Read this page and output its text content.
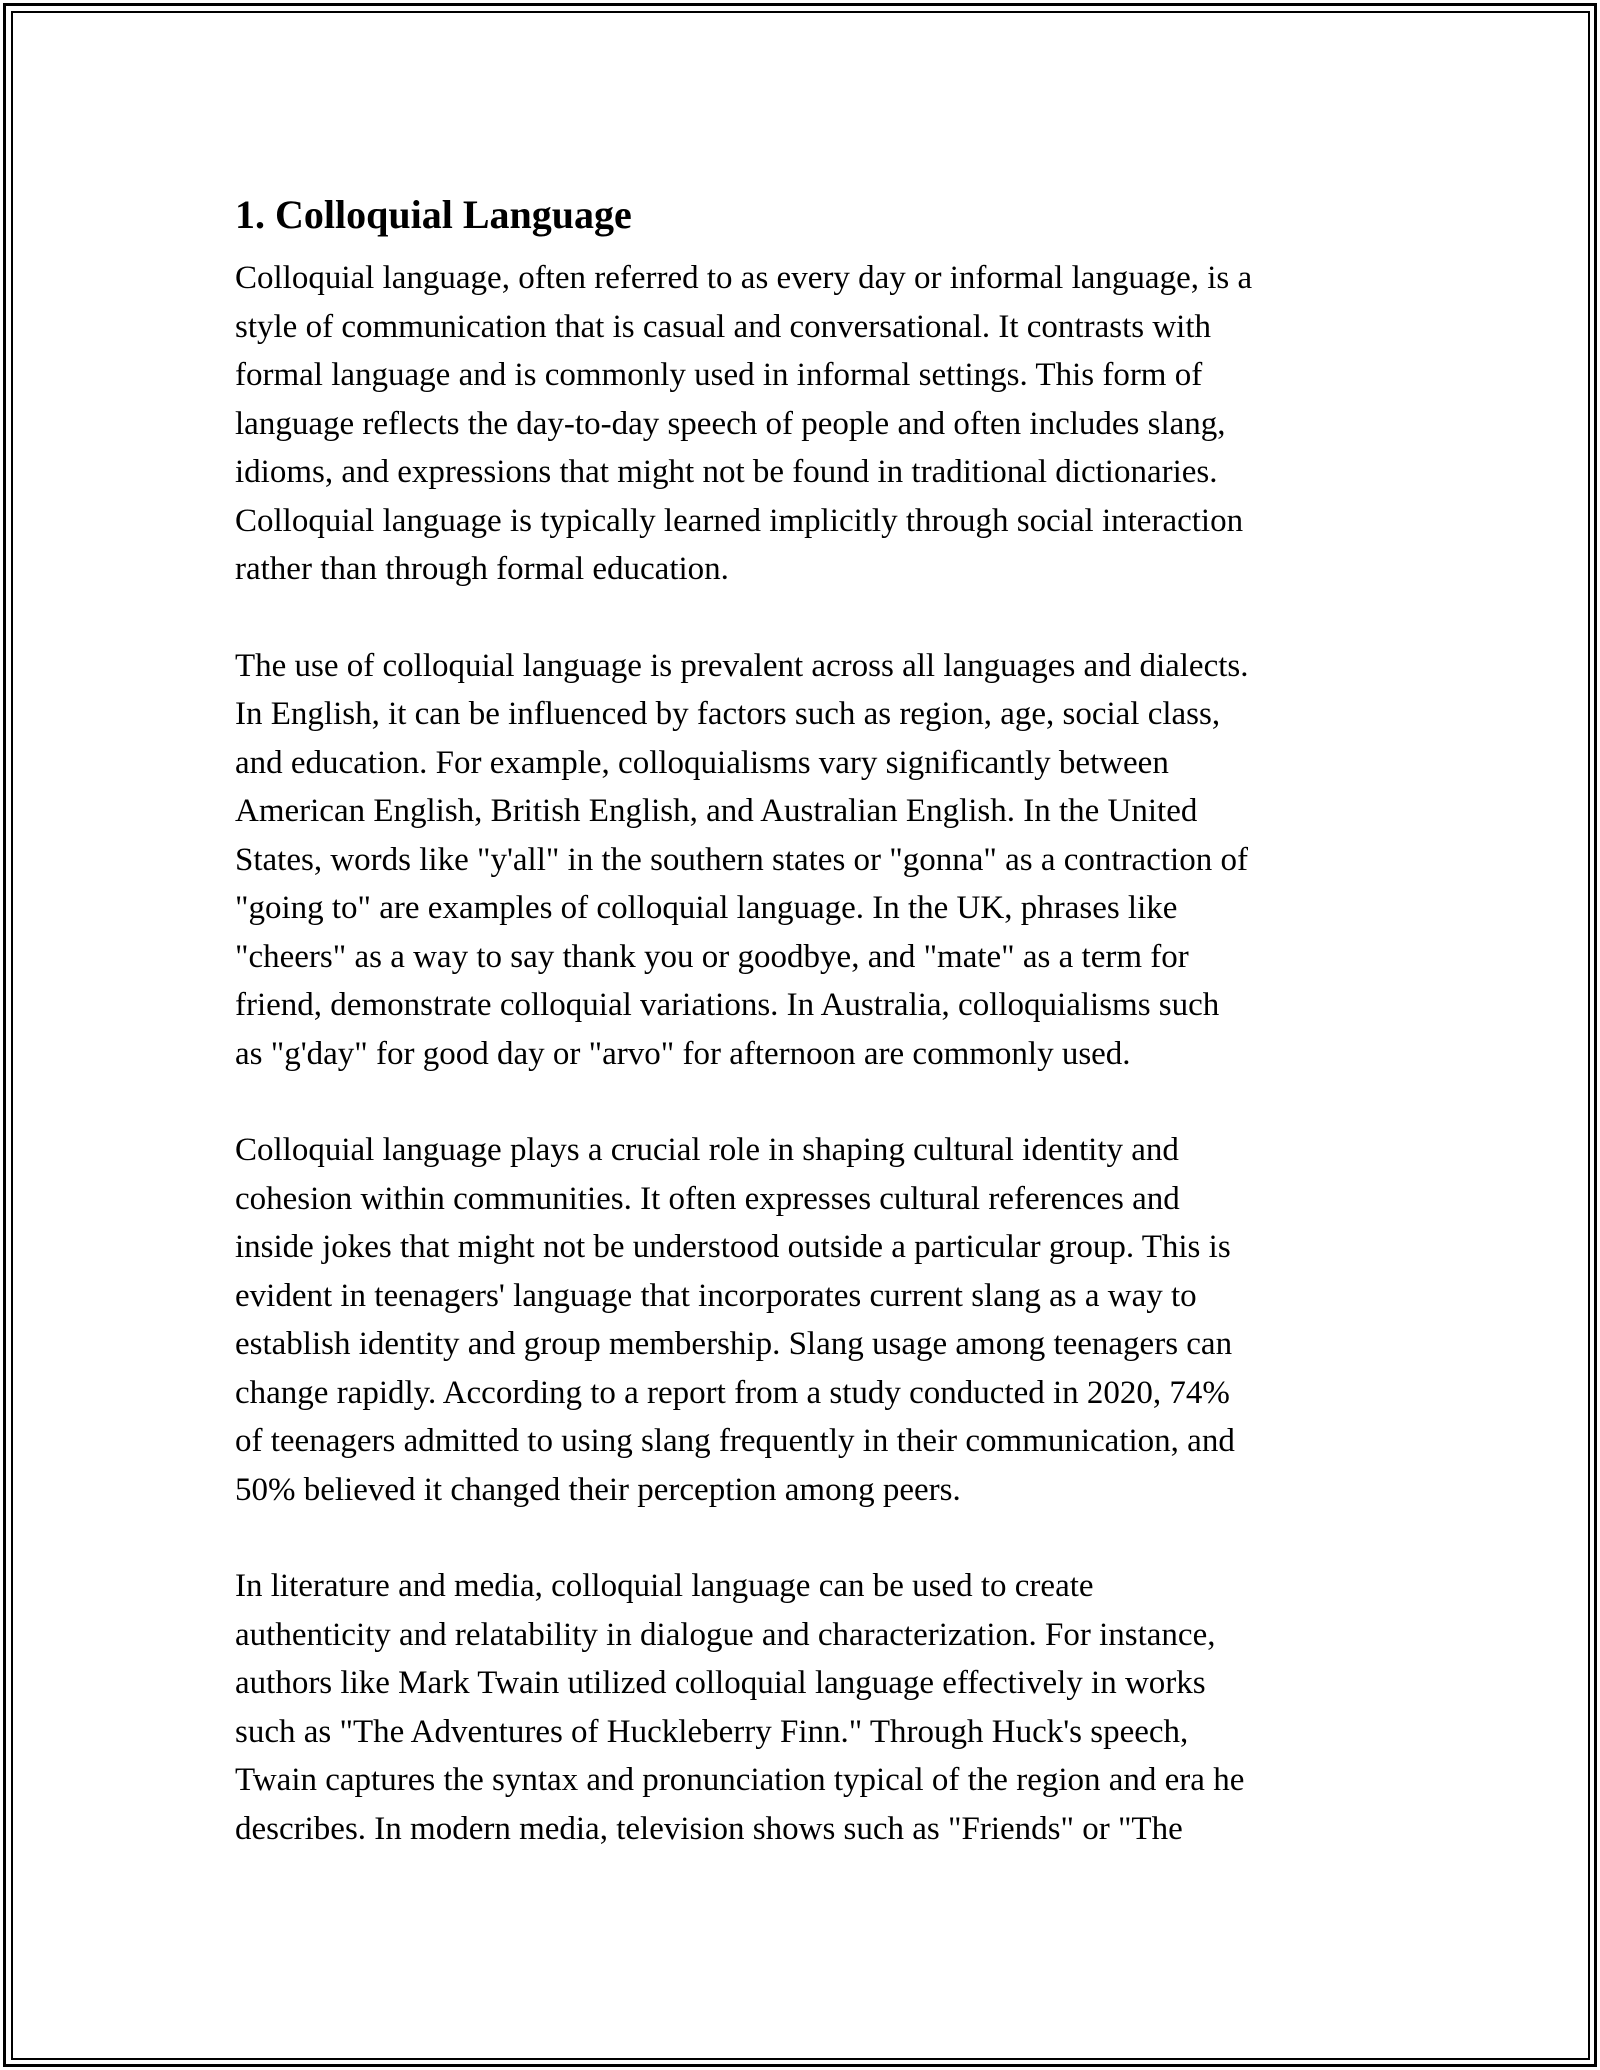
1. Colloquial Language

Colloquial language, often referred to as every day or informal language, is a
style of communication that is casual and conversational. It contrasts with
formal language and is commonly used in informal settings. This form of
language reflects the day-to-day speech of people and often includes slang,
idioms, and expressions that might not be found in traditional dictionaries.
Colloquial language is typically learned implicitly through social interaction
rather than through formal education.

The use of colloquial language is prevalent across all languages and dialects.
In English, it can be influenced by factors such as region, age, social class,
and education. For example, colloquialisms vary significantly between
American English, British English, and Australian English. In the United
States, words like "y'all" in the southern states or "gonna" as a contraction of
"going to" are examples of colloquial language. In the UK, phrases like
"cheers" as a way to say thank you or goodbye, and "mate" as a term for
friend, demonstrate colloquial variations. In Australia, colloquialisms such
as "g'day" for good day or "arvo" for afternoon are commonly used.

Colloquial language plays a crucial role in shaping cultural identity and
cohesion within communities. It often expresses cultural references and
inside jokes that might not be understood outside a particular group. This is
evident in teenagers' language that incorporates current slang as a way to
establish identity and group membership. Slang usage among teenagers can
change rapidly. According to a report from a study conducted in 2020, 74%
of teenagers admitted to using slang frequently in their communication, and
50% believed it changed their perception among peers.

In literature and media, colloquial language can be used to create
authenticity and relatability in dialogue and characterization. For instance,
authors like Mark Twain utilized colloquial language effectively in works
such as "The Adventures of Huckleberry Finn." Through Huck's speech,
Twain captures the syntax and pronunciation typical of the region and era he
describes. In modern media, television shows such as "Friends" or "The
